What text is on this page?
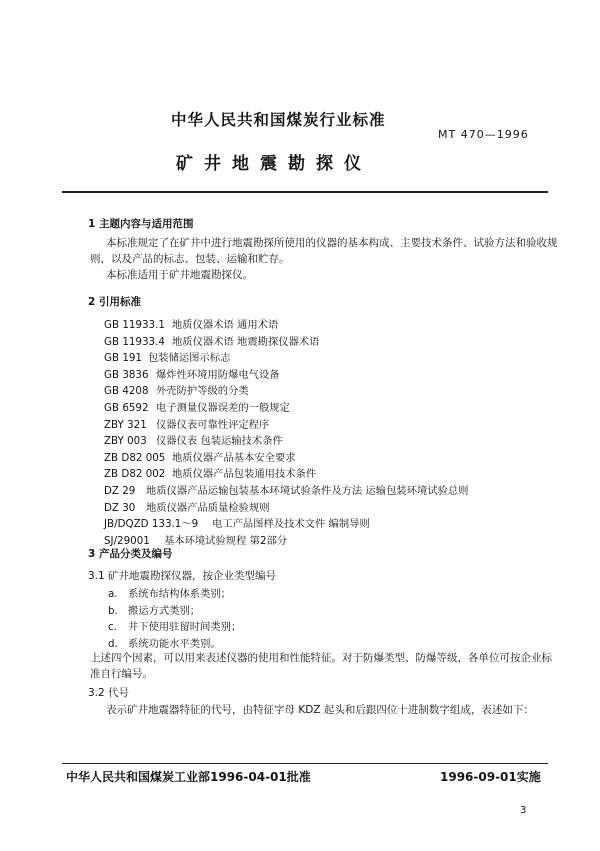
中华人民共和国煤炭行业标准
MT 470—1996
矿井地震勘探仪
1 主题内容与适用范围
本标准规定了在矿井中进行地震勘探所使用的仪器的基本构成、主要技术条件、试验方法和验收规
则，以及产品的标志、包装、运输和贮存。
本标准适用于矿井地震勘探仪。
2 引用标准
GB 11933.1 地质仪器术语 通用术语
GB 11933.4 地质仪器术语 地震勘探仪器术语
GB 191 包装储运图示标志
GB 3836 爆炸性环境用防爆电气设备
GB 4208 外壳防护等级的分类
GB 6592 电子测量仪器误差的一般规定
ZBY 321 仪器仪表可靠性评定程序
ZBY 003 仪器仪表 包装运输技术条件
ZB D82 005 地质仪器产品基本安全要求
ZB D82 002 地质仪器产品包装通用技术条件
DZ 29 地质仪器产品运输包装基本环境试验条件及方法 运输包装环境试验总则
DZ 30 地质仪器产品质量检验规则
JB/DQZD 133.1～9 电工产品图样及技术文件 编制导则
SJ/29001 基本环境试验规程 第2部分
3 产品分类及编号
3.1 矿井地震勘探仪器，按企业类型编号
a. 系统布结构体系类别；
b. 搬运方式类别；
c. 井下使用驻留时间类别；
d. 系统功能水平类别。
上述四个因素，可以用来表述仪器的使用和性能特征。对于防爆类型、防爆等级，各单位可按企业标
准自行编号。
3.2 代号
表示矿井地震器特征的代号，由特征字母 KDZ 起头和后跟四位十进制数字组成，表述如下：
中华人民共和国煤炭工业部1996-04-01批准	1996-09-01实施
3
